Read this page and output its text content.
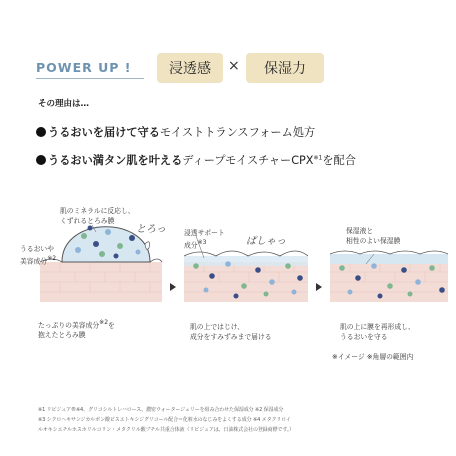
POWER UP !	浸透感	×	保湿力
その理由は…
うるおいを届けて守るモイストトランスフォーム処方
うるおい満タン肌を叶えるディープモイスチャーCPX$^{※1}$を配合
肌のミネラルに反応し、
くずれるとろみ膜
うるおいや
美容成分※2
とろっ
たっぷりの美容成分※2を
抱えたとろみ膜
浸透サポート
成分※3	ぱしゃっ
肌の上ではじけ、
成分をすみずみまで届ける
保湿液と
相性のよい保湿膜
肌の上に膜を再形成し、
うるおいを守る
※イメージ ※角層の範囲内
※1 リピジュア®※4、グリコシルトレハロース、濃密ウォータージェリーを組み合わせた保湿成分 ※2 保湿成分
※3 シクロヘキサンジカルボン酸ビスエトキシジグリコール配合＝化粧水のなじみをよくする成分 ※4 メタクリロイ
ルオキシエチルホスホリルコリン・メタクリル酸ブチル共重合体液（リピジュアは、日油株式会社の登録商標です。）
